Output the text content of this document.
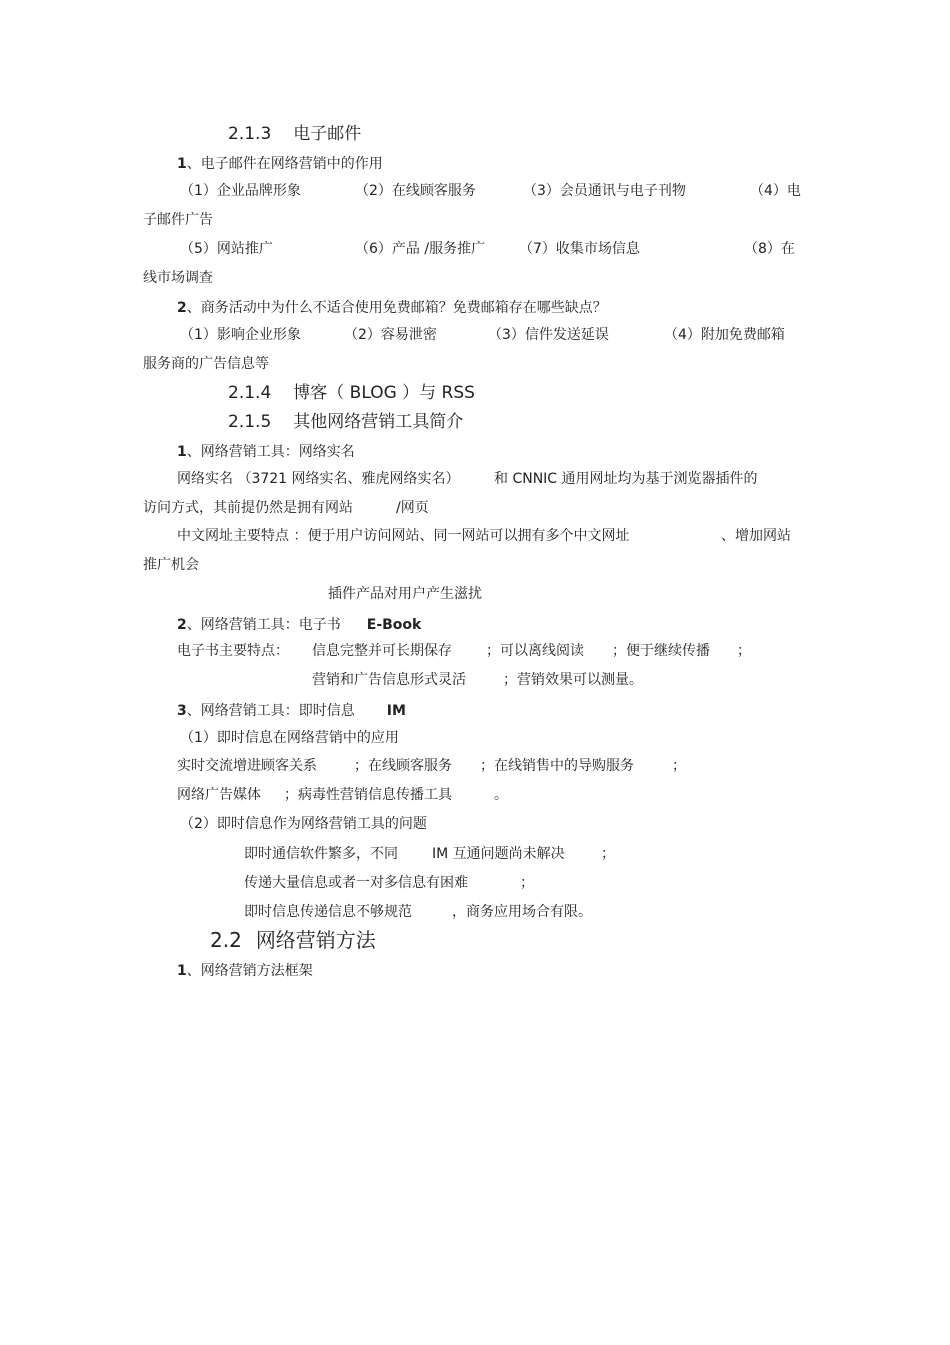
2.1.3 电子邮件
1、电子邮件在网络营销中的作用
（1）企业品牌形象	（2）在线顾客服务	（3）会员通讯与电子刊物	（4）电
子邮件广告
（5）网站推广	（6）产品 /服务推广 （7）收集市场信息	（8）在
线市场调查
2、商务活动中为什么不适合使用免费邮箱？免费邮箱存在哪些缺点？
（1）影响企业形象	（2）容易泄密	（3）信件发送延误	（4）附加免费邮箱
服务商的广告信息等
2.1.4 博客（ BLOG ）与 RSS
2.1.5 其他网络营销工具简介
1、网络营销工具：网络实名
网络实名 （3721 网络实名、雅虎网络实名） 和 CNNIC 通用网址均为基于浏览器插件的
访问方式，其前提仍然是拥有网站	/网页
中文网址主要特点 ：便于用户访问网站、同一网站可以拥有多个中文网址	、增加网站
推广机会
插件产品对用户产生滋扰
2、网络营销工具：电子书 E-Book
电子书主要特点： 信息完整并可长期保存 ；可以离线阅读 ；便于继续传播 ；
营销和广告信息形式灵活	；营销效果可以测量。
3、网络营销工具：即时信息 IM
（1）即时信息在网络营销中的应用
实时交流增进顾客关系	；在线顾客服务 ；在线销售中的导购服务	；
网络广告媒体 ；病毒性营销信息传播工具	。
（2）即时信息作为网络营销工具的问题
即时通信软件繁多，不同 IM 互通问题尚未解决	；
传递大量信息或者一对多信息有困难	；
即时信息传递信息不够规范	，商务应用场合有限。
2.2 网络营销方法
1、网络营销方法框架
